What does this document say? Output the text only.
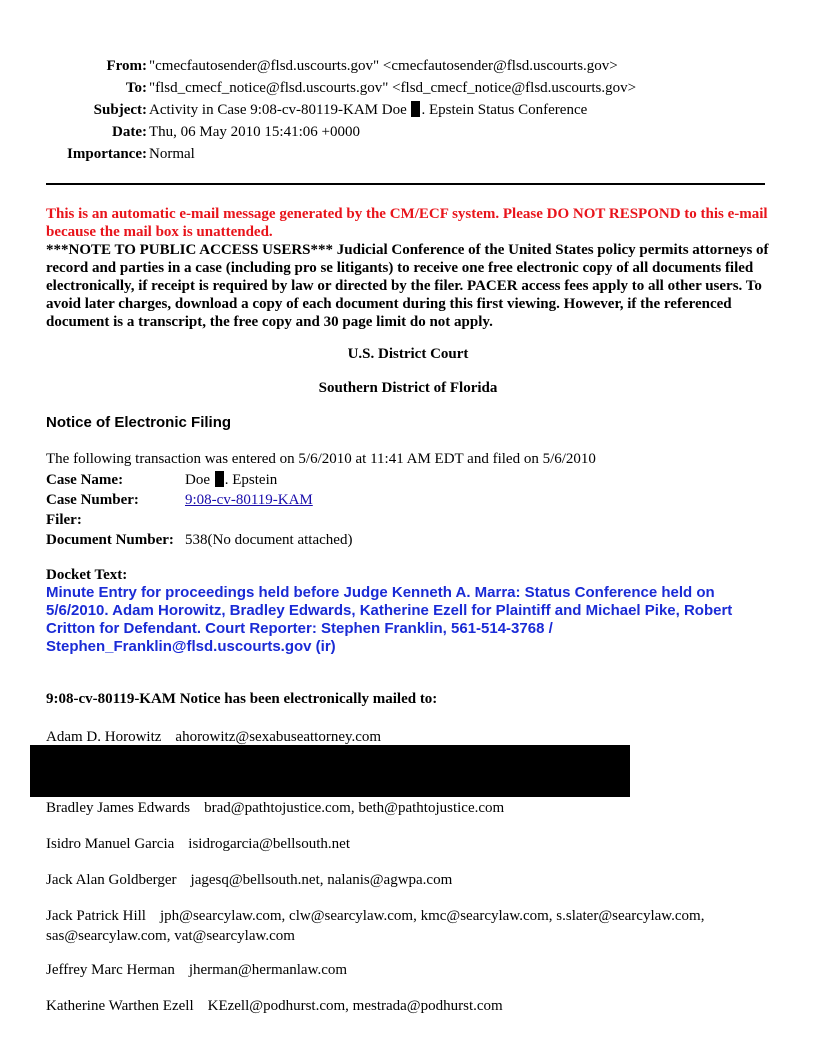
From: "cmecfautosender@flsd.uscourts.gov" <cmecfautosender@flsd.uscourts.gov>
To: "flsd_cmecf_notice@flsd.uscourts.gov" <flsd_cmecf_notice@flsd.uscourts.gov>
Subject: Activity in Case 9:08-cv-80119-KAM Doe . Epstein Status Conference
Date: Thu, 06 May 2010 15:41:06 +0000
Importance: Normal
This is an automatic e-mail message generated by the CM/ECF system. Please DO NOT RESPOND to this e-mail because the mail box is unattended.
***NOTE TO PUBLIC ACCESS USERS*** Judicial Conference of the United States policy permits attorneys of record and parties in a case (including pro se litigants) to receive one free electronic copy of all documents filed electronically, if receipt is required by law or directed by the filer. PACER access fees apply to all other users. To avoid later charges, download a copy of each document during this first viewing. However, if the referenced document is a transcript, the free copy and 30 page limit do not apply.
U.S. District Court
Southern District of Florida
Notice of Electronic Filing
The following transaction was entered on 5/6/2010 at 11:41 AM EDT and filed on 5/6/2010
Case Name:	Doe . Epstein
Case Number:	9:08-cv-80119-KAM
Filer:
Document Number: 538(No document attached)
Docket Text:
Minute Entry for proceedings held before Judge Kenneth A. Marra: Status Conference held on 5/6/2010. Adam Horowitz, Bradley Edwards, Katherine Ezell for Plaintiff and Michael Pike, Robert Critton for Defendant. Court Reporter: Stephen Franklin, 561-514-3768 / Stephen_Franklin@flsd.uscourts.gov (ir)
9:08-cv-80119-KAM Notice has been electronically mailed to:
Adam D. Horowitz ahorowitz@sexabuseattorney.com
Bradley James Edwards brad@pathtojustice.com, beth@pathtojustice.com
Isidro Manuel Garcia isidrogarcia@bellsouth.net
Jack Alan Goldberger jagesq@bellsouth.net, nalanis@agwpa.com
Jack Patrick Hill jph@searcylaw.com, clw@searcylaw.com, kmc@searcylaw.com, s.slater@searcylaw.com, sas@searcylaw.com, vat@searcylaw.com
Jeffrey Marc Herman jherman@hermanlaw.com
Katherine Warthen Ezell KEzell@podhurst.com, mestrada@podhurst.com
